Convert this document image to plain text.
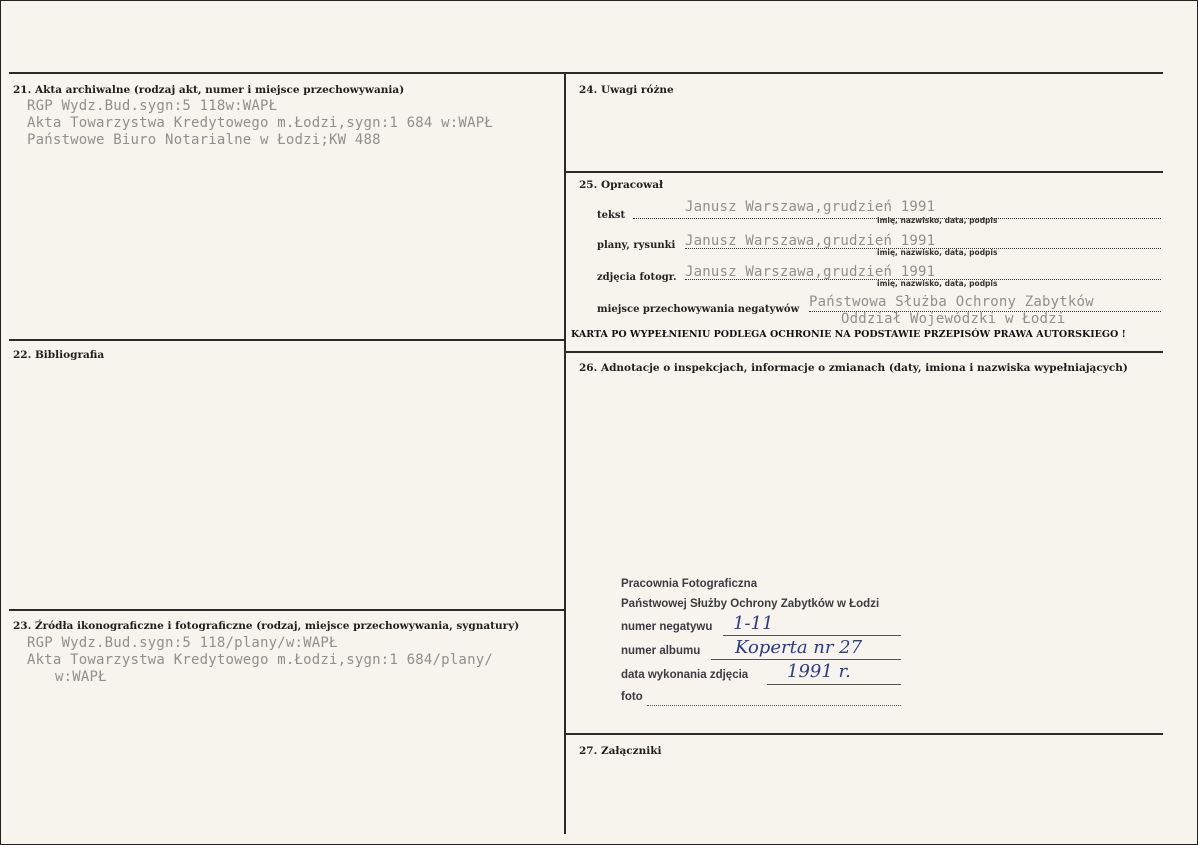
21. Akta archiwalne (rodzaj akt, numer i miejsce przechowywania)
RGP Wydz.Bud.sygn:5 118w:WAPŁ
Akta Towarzystwa Kredytowego m.Łodzi,sygn:1 684 w:WAPŁ
Państwowe Biuro Notarialne w Łodzi;KW 488
22. Bibliografia
23. Źródła ikonograficzne i fotograficzne (rodzaj, miejsce przechowywania, sygnatury)
RGP Wydz.Bud.sygn:5 118/plany/w:WAPŁ
Akta Towarzystwa Kredytowego m.Łodzi,sygn:1 684/plany/
w:WAPŁ
24. Uwagi różne
25. Opracował
tekst
Janusz Warszawa,grudzień 1991
imię, nazwisko, data, podpis
plany, rysunki Janusz Warszawa,grudzień 1991
imię, nazwisko, data, podpis
zdjęcia fotogr. Janusz Warszawa,grudzień 1991
imię, nazwisko, data, podpis
miejsce przechowywania negatywów Państwowa Służba Ochrony Zabytków
Oddział Wojewódzki w Łodzi
KARTA PO WYPEŁNIENIU PODLEGA OCHRONIE NA PODSTAWIE PRZEPISÓW PRAWA AUTORSKIEGO !
26. Adnotacje o inspekcjach, informacje o zmianach (daty, imiona i nazwiska wypełniających)
Pracownia Fotograficzna
Państwowej Służby Ochrony Zabytków w Łodzi
numer negatywu 1-11
numer albumu Koperta nr 27
data wykonania zdjęcia 1991 r.
foto
27. Załączniki
